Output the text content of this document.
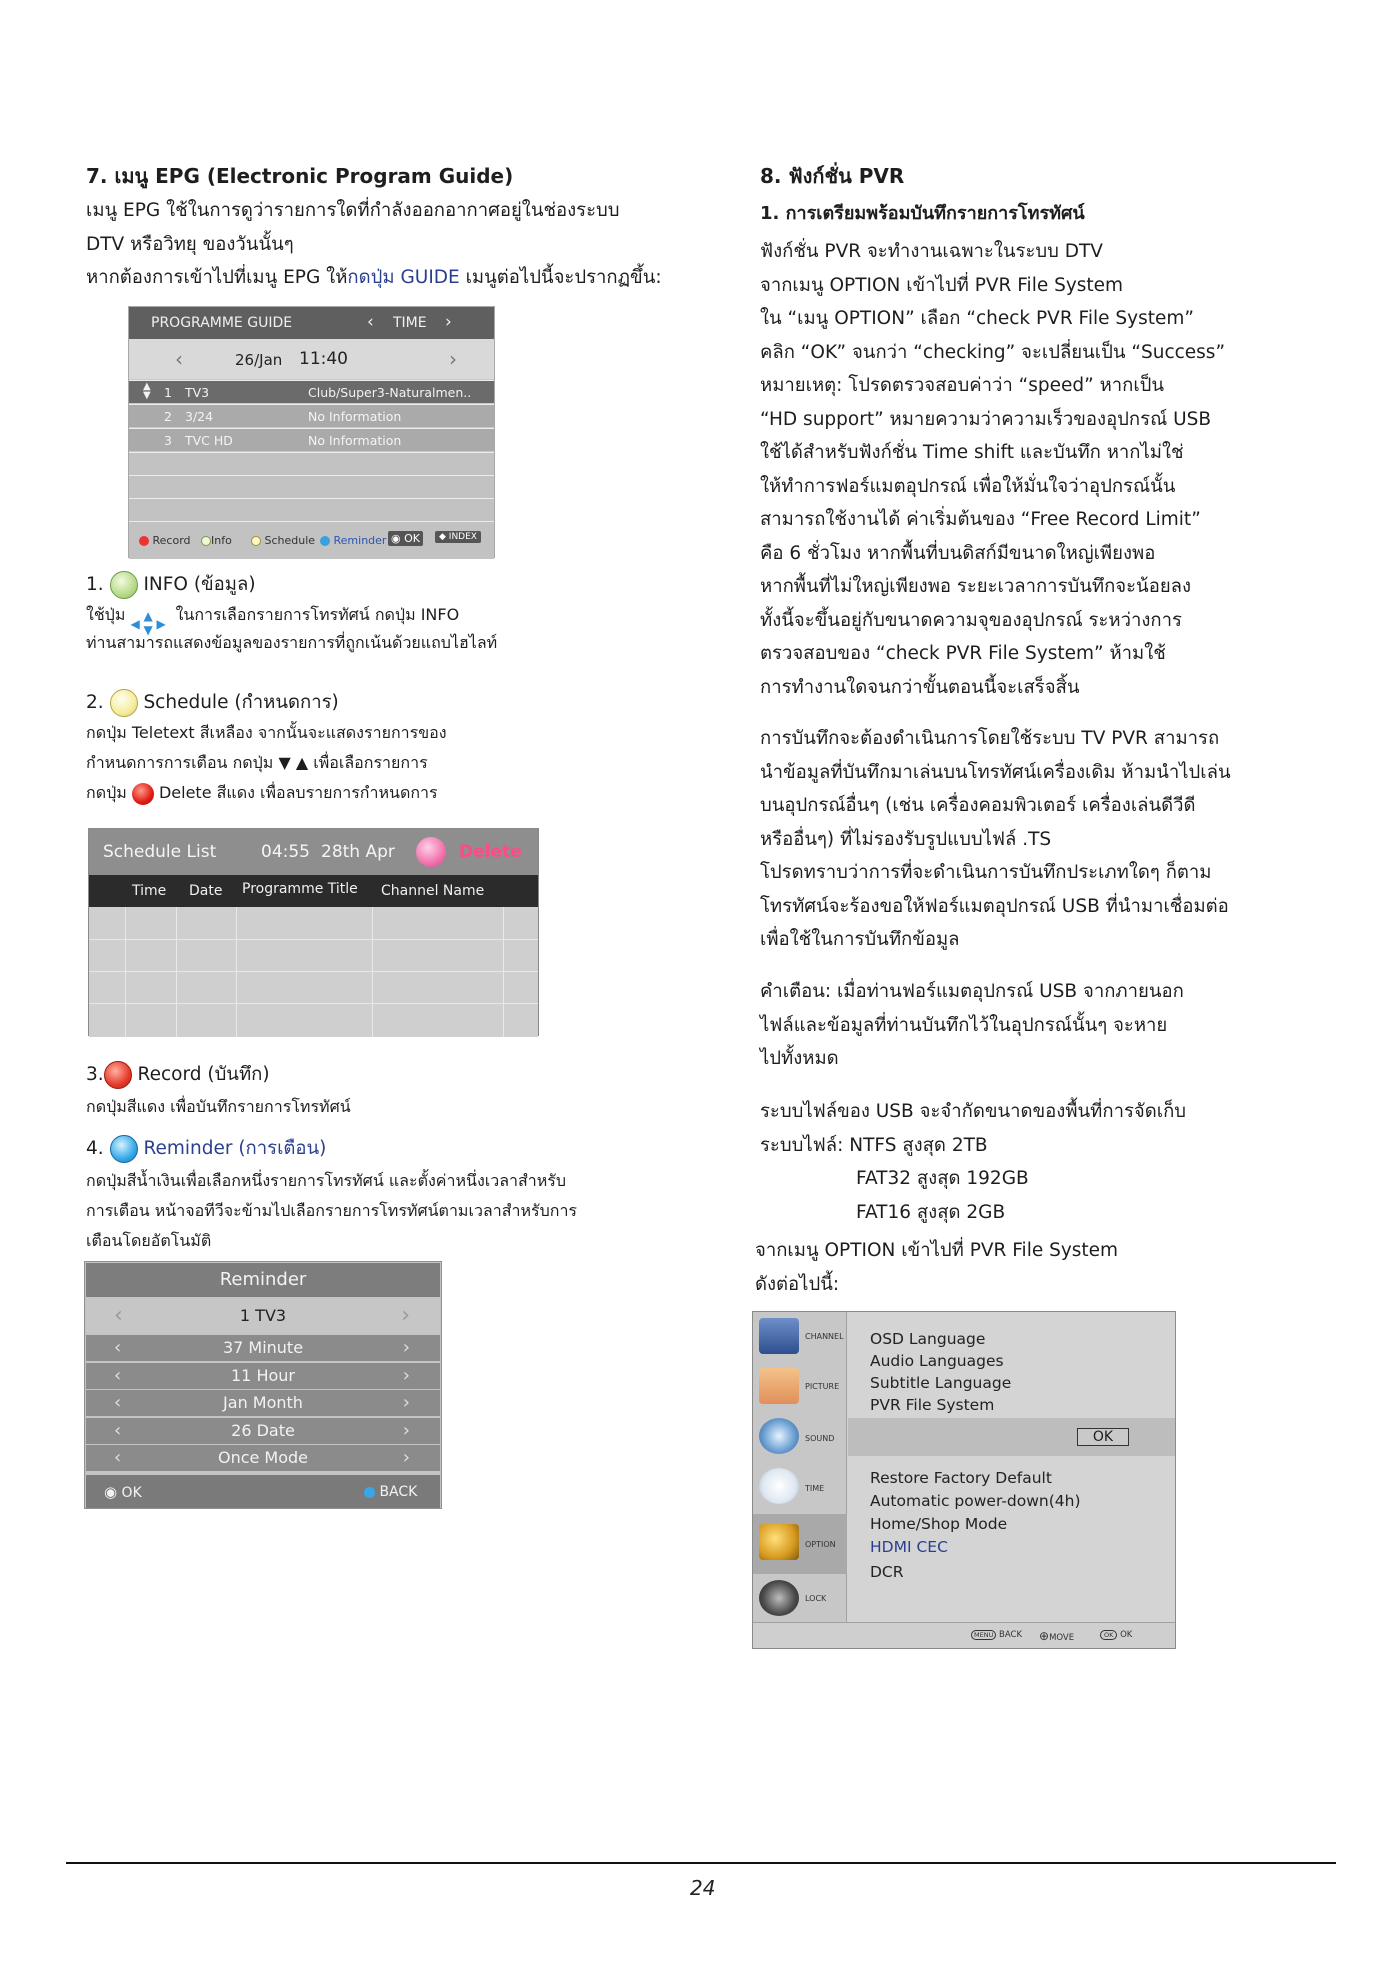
7. เมนู EPG (Electronic Program Guide)
เมนู EPG ใช้ในการดูว่ารายการใดที่กำลังออกอากาศอยู่ในช่องระบบ
DTV หรือวิทยุ ของวันนั้นๆ
หากต้องการเข้าไปที่เมนู EPG ให้กดปุ่ม GUIDE เมนูต่อไปนี้จะปรากฏขึ้น:
PROGRAMME GUIDE	‹ TIME ›
‹	26/Jan 11:40	›
▲
▼ 1 TV3	Club/Super3-Naturalmen..
2 3/24	No Information
3 TVC HD	No Information
Record	Info	Schedule	Reminder ◉ OK	◆ INDEX
1. INFO (ข้อมูล)
ใช้ปุ่ม ◀
▲
▼ ▶ ในการเลือกรายการโทรทัศน์ กดปุ่ม INFO
ท่านสามารถแสดงข้อมูลของรายการที่ถูกเน้นด้วยแถบไฮไลท์
2. Schedule (กำหนดการ)
กดปุ่ม Teletext สีเหลือง จากนั้นจะแสดงรายการของ
กำหนดการการเตือน กดปุ่ม ▼ ▲ เพื่อเลือกรายการ
กดปุ่ม Delete สีแดง เพื่อลบรายการกำหนดการ
Schedule List	04:55 28th Apr	Delete
Time Date Programme Title Channel Name
3. Record (บันทึก)
กดปุ่มสีแดง เพื่อบันทึกรายการโทรทัศน์
4. Reminder (การเตือน)
กดปุ่มสีน้ำเงินเพื่อเลือกหนึ่งรายการโทรทัศน์ และตั้งค่าหนึ่งเวลาสำหรับ
การเตือน หน้าจอทีวีจะข้ามไปเลือกรายการโทรทัศน์ตามเวลาสำหรับการ
เตือนโดยอัตโนมัติ
Reminder
‹	1 TV3	›
‹	37 Minute	›
‹	11 Hour	›
‹	Jan Month	›
‹	26 Date	›
‹	Once Mode	›
◉ OK	BACK
8. ฟังก์ชั่น PVR
1. การเตรียมพร้อมบันทึกรายการโทรทัศน์
ฟังก์ชั่น PVR จะทำงานเฉพาะในระบบ DTV
จากเมนู OPTION เข้าไปที่ PVR File System
ใน “เมนู OPTION” เลือก “check PVR File System”
คลิก “OK” จนกว่า “checking” จะเปลี่ยนเป็น “Success”
หมายเหตุ: โปรดตรวจสอบค่าว่า “speed” หากเป็น
“HD support” หมายความว่าความเร็วของอุปกรณ์ USB
ใช้ได้สำหรับฟังก์ชั่น Time shift และบันทึก หากไม่ใช่
ให้ทำการฟอร์แมตอุปกรณ์ เพื่อให้มั่นใจว่าอุปกรณ์นั้น
สามารถใช้งานได้ ค่าเริ่มต้นของ “Free Record Limit”
คือ 6 ชั่วโมง หากพื้นที่บนดิสก์มีขนาดใหญ่เพียงพอ
หากพื้นที่ไม่ใหญ่เพียงพอ ระยะเวลาการบันทึกจะน้อยลง
ทั้งนี้จะขึ้นอยู่กับขนาดความจุของอุปกรณ์ ระหว่างการ
ตรวจสอบของ “check PVR File System” ห้ามใช้
การทำงานใดจนกว่าขั้นตอนนี้จะเสร็จสิ้น
การบันทึกจะต้องดำเนินการโดยใช้ระบบ TV PVR สามารถ
นำข้อมูลที่บันทึกมาเล่นบนโทรทัศน์เครื่องเดิม ห้ามนำไปเล่น
บนอุปกรณ์อื่นๆ (เช่น เครื่องคอมพิวเตอร์ เครื่องเล่นดีวีดี
หรืออื่นๆ) ที่ไม่รองรับรูปแบบไฟล์ .TS
โปรดทราบว่าการที่จะดำเนินการบันทึกประเภทใดๆ ก็ตาม
โทรทัศน์จะร้องขอให้ฟอร์แมตอุปกรณ์ USB ที่นำมาเชื่อมต่อ
เพื่อใช้ในการบันทึกข้อมูล
คำเตือน: เมื่อท่านฟอร์แมตอุปกรณ์ USB จากภายนอก
ไฟล์และข้อมูลที่ท่านบันทึกไว้ในอุปกรณ์นั้นๆ จะหาย
ไปทั้งหมด
ระบบไฟล์ของ USB จะจำกัดขนาดของพื้นที่การจัดเก็บ
ระบบไฟล์: NTFS สูงสุด 2TB
FAT32 สูงสุด 192GB
FAT16 สูงสุด 2GB
จากเมนู OPTION เข้าไปที่ PVR File System
ดังต่อไปนี้:
CHANNEL
PICTURE
SOUND
TIME
OPTION
LOCK
OSD Language
Audio Languages
Subtitle Language
PVR File System
OK
Restore Factory Default
Automatic power-down(4h)
Home/Shop Mode
HDMI CEC
DCR
MENU BACK ⊕MOVE	OK OK
24
